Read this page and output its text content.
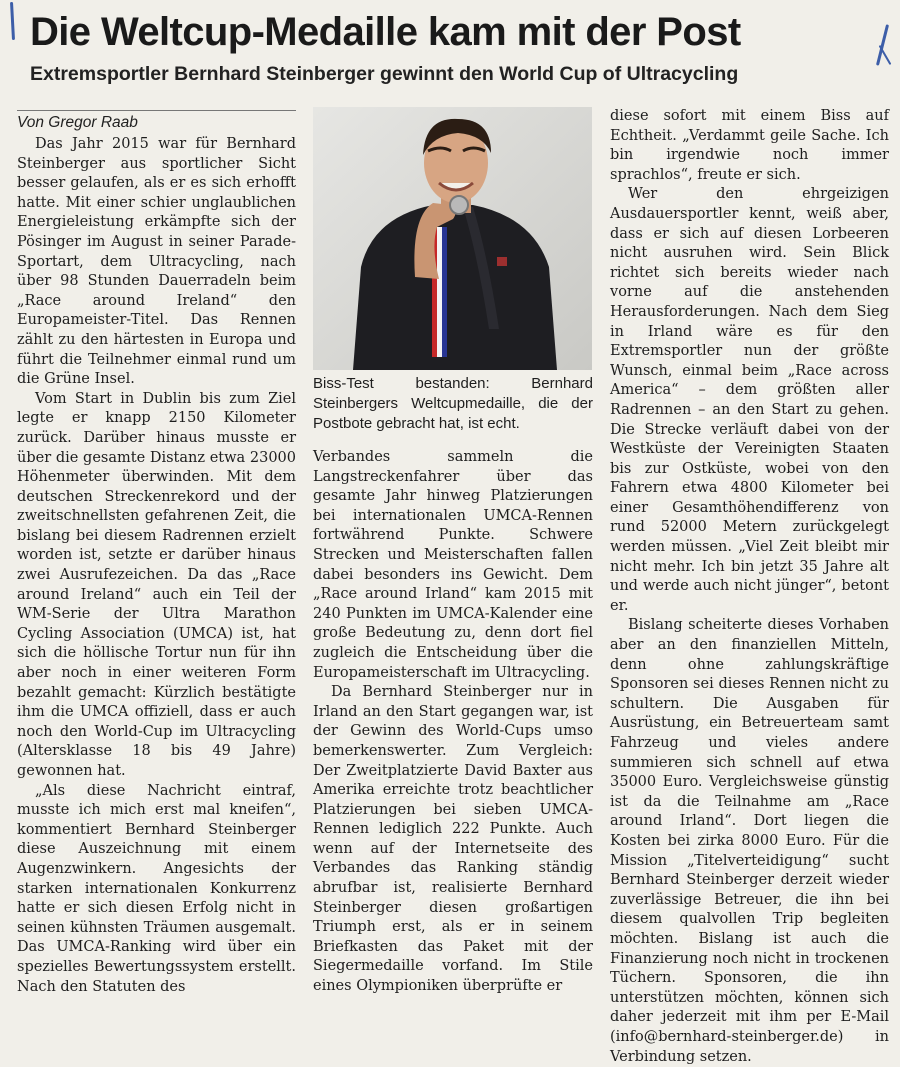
Die Weltcup-Medaille kam mit der Post
Extremsportler Bernhard Steinberger gewinnt den World Cup of Ultracycling
Von Gregor Raab

Das Jahr 2015 war für Bernhard Steinberger aus sportlicher Sicht besser gelaufen, als er es sich erhofft hatte. Mit einer schier unglaublichen Energieleistung erkämpfte sich der Pösinger im August in seiner Parade-Sportart, dem Ultracycling, nach über 98 Stunden Dauerradeln beim „Race around Ireland“ den Europameister-Titel. Das Rennen zählt zu den härtesten in Europa und führt die Teilnehmer einmal rund um die Grüne Insel.

Vom Start in Dublin bis zum Ziel legte er knapp 2150 Kilometer zurück. Darüber hinaus musste er über die gesamte Distanz etwa 23000 Höhenmeter überwinden. Mit dem deutschen Streckenrekord und der zweitschnellsten gefahrenen Zeit, die bislang bei diesem Radrennen erzielt worden ist, setzte er darüber hinaus zwei Ausrufezeichen. Da das „Race around Ireland“ auch ein Teil der WM-Serie der Ultra Marathon Cycling Association (UMCA) ist, hat sich die höllische Tortur nun für ihn aber noch in einer weiteren Form bezahlt gemacht: Kürzlich bestätigte ihm die UMCA offiziell, dass er auch noch den World-Cup im Ultracycling (Altersklasse 18 bis 49 Jahre) gewonnen hat.

„Als diese Nachricht eintraf, musste ich mich erst mal kneifen“, kommentiert Bernhard Steinberger diese Auszeichnung mit einem Augenzwinkern. Angesichts der starken internationalen Konkurrenz hatte er sich diesen Erfolg nicht in seinen kühnsten Träumen ausgemalt. Das UMCA-Ranking wird über ein spezielles Bewertungssystem erstellt. Nach den Statuten des

Biss-Test bestanden: Bernhard Steinbergers Weltcupmedaille, die der Postbote gebracht hat, ist echt.

Verbandes sammeln die Langstreckenfahrer über das gesamte Jahr hinweg Platzierungen bei internationalen UMCA-Rennen fortwährend Punkte. Schwere Strecken und Meisterschaften fallen dabei besonders ins Gewicht. Dem „Race around Irland“ kam 2015 mit 240 Punkten im UMCA-Kalender eine große Bedeutung zu, denn dort fiel zugleich die Entscheidung über die Europameisterschaft im Ultracycling.

Da Bernhard Steinberger nur in Irland an den Start gegangen war, ist der Gewinn des World-Cups umso bemerkenswerter. Zum Vergleich: Der Zweitplatzierte David Baxter aus Amerika erreichte trotz beachtlicher Platzierungen bei sieben UMCA-Rennen lediglich 222 Punkte. Auch wenn auf der Internetseite des Verbandes das Ranking ständig abrufbar ist, realisierte Bernhard Steinberger diesen großartigen Triumph erst, als er in seinem Briefkasten das Paket mit der Siegermedaille vorfand. Im Stile eines Olympioniken überprüfte er

diese sofort mit einem Biss auf Echtheit. „Verdammt geile Sache. Ich bin irgendwie noch immer sprachlos“, freute er sich.

Wer den ehrgeizigen Ausdauersportler kennt, weiß aber, dass er sich auf diesen Lorbeeren nicht ausruhen wird. Sein Blick richtet sich bereits wieder nach vorne auf die anstehenden Herausforderungen. Nach dem Sieg in Irland wäre es für den Extremsportler nun der größte Wunsch, einmal beim „Race across America“ – dem größten aller Radrennen – an den Start zu gehen. Die Strecke verläuft dabei von der Westküste der Vereinigten Staaten bis zur Ostküste, wobei von den Fahrern etwa 4800 Kilometer bei einer Gesamthöhendifferenz von rund 52000 Metern zurückgelegt werden müssen. „Viel Zeit bleibt mir nicht mehr. Ich bin jetzt 35 Jahre alt und werde auch nicht jünger“, betont er.

Bislang scheiterte dieses Vorhaben aber an den finanziellen Mitteln, denn ohne zahlungskräftige Sponsoren sei dieses Rennen nicht zu schultern. Die Ausgaben für Ausrüstung, ein Betreuerteam samt Fahrzeug und vieles andere summieren sich schnell auf etwa 35000 Euro. Vergleichsweise günstig ist da die Teilnahme am „Race around Irland“. Dort liegen die Kosten bei zirka 8000 Euro. Für die Mission „Titelverteidigung“ sucht Bernhard Steinberger derzeit wieder zuverlässige Betreuer, die ihn bei diesem qualvollen Trip begleiten möchten. Bislang ist auch die Finanzierung noch nicht in trockenen Tüchern. Sponsoren, die ihn unterstützen möchten, können sich daher jederzeit mit ihm per E-Mail (info@bernhard-steinberger.de) in Verbindung setzen.
